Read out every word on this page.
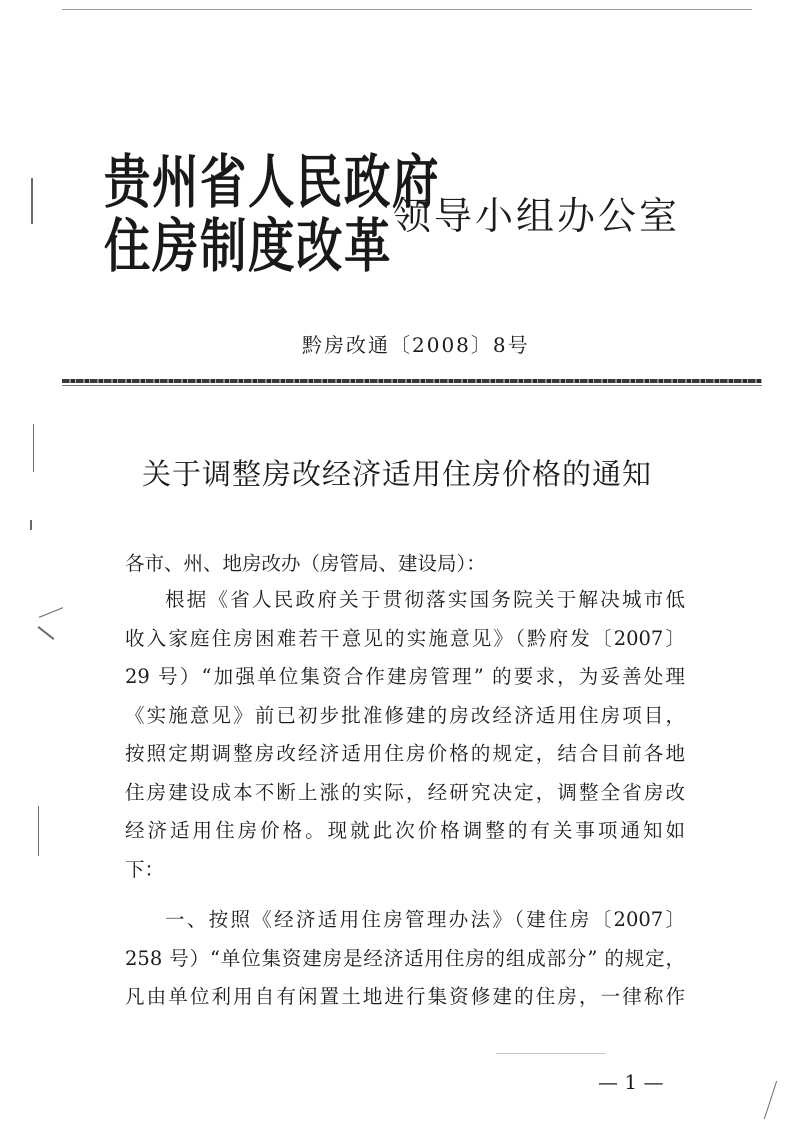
贵州省人民政府
住房制度改革 领导小组办公室
黔房改通〔2008〕8号
关于调整房改经济适用住房价格的通知
各市、州、地房改办（房管局、建设局）：
根据《省人民政府关于贯彻落实国务院关于解决城市低
收入家庭住房困难若干意见的实施意见》（黔府发〔2007〕
29 号）“加强单位集资合作建房管理” 的要求，为妥善处理
《实施意见》前已初步批准修建的房改经济适用住房项目，
按照定期调整房改经济适用住房价格的规定，结合目前各地
住房建设成本不断上涨的实际，经研究决定，调整全省房改
经济适用住房价格。现就此次价格调整的有关事项通知如
下：
一、按照《经济适用住房管理办法》（建住房〔2007〕
258 号）“单位集资建房是经济适用住房的组成部分” 的规定，
凡由单位利用自有闲置土地进行集资修建的住房，一律称作
— 1 —
